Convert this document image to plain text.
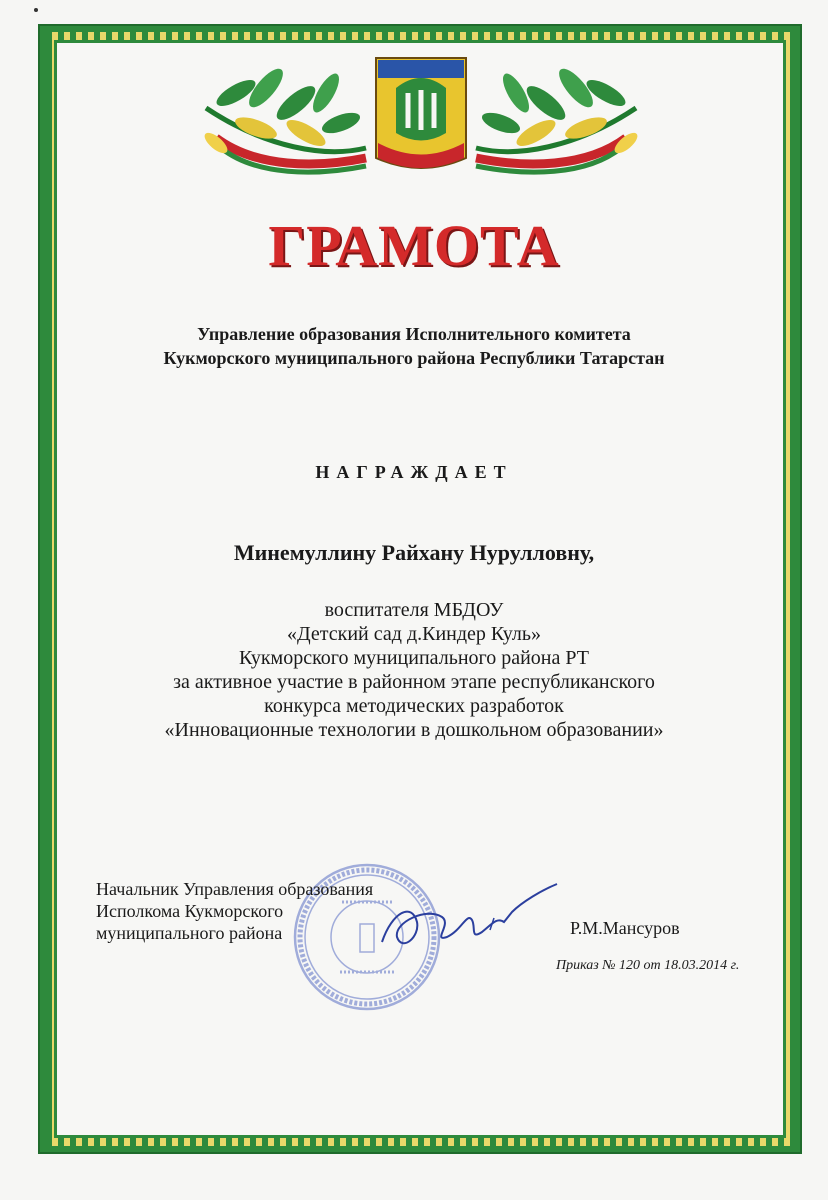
ГРАМОТА
Управление образования Исполнительного комитета
Кукморского муниципального района Республики Татарстан
НАГРАЖДАЕТ
Минемуллину Райхану Нурулловну,
воспитателя МБДОУ
«Детский сад д.Киндер Куль»
Кукморского муниципального района РТ
за активное участие в районном этапе республиканского
конкурса методических разработок
«Инновационные технологии в дошкольном образовании»
Начальник Управления образования
Исполкома Кукморского
муниципального района	Р.М.Мансуров
Приказ № 120 от 18.03.2014 г.
